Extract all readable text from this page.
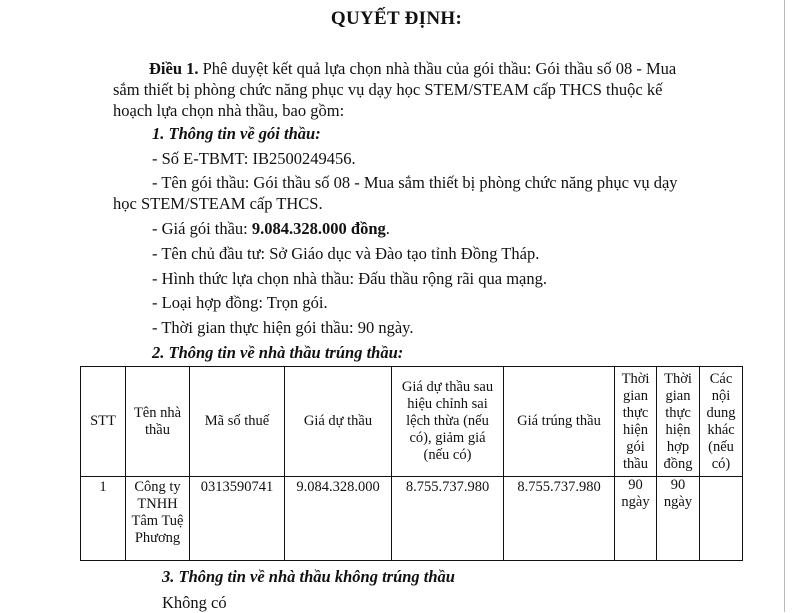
QUYẾT ĐỊNH:
Điều 1. Phê duyệt kết quả lựa chọn nhà thầu của gói thầu: Gói thầu số 08 - Mua
sắm thiết bị phòng chức năng phục vụ dạy học STEM/STEAM cấp THCS thuộc kế
hoạch lựa chọn nhà thầu, bao gồm:
1. Thông tin về gói thầu:
- Số E-TBMT: IB2500249456.
- Tên gói thầu: Gói thầu số 08 - Mua sắm thiết bị phòng chức năng phục vụ dạy
học STEM/STEAM cấp THCS.
- Giá gói thầu: 9.084.328.000 đồng.
- Tên chủ đầu tư: Sở Giáo dục và Đào tạo tỉnh Đồng Tháp.
- Hình thức lựa chọn nhà thầu: Đấu thầu rộng rãi qua mạng.
- Loại hợp đồng: Trọn gói.
- Thời gian thực hiện gói thầu: 90 ngày.
2. Thông tin về nhà thầu trúng thầu:
STT	Tên nhà thầu	Mã số thuế	Giá dự thầu	Giá dự thầu sau hiệu chỉnh sai lệch thừa (nếu có), giảm giá (nếu có)	Giá trúng thầu	Thời gian thực hiện gói thầu	Thời gian thực hiện hợp đồng	Các nội dung khác (nếu có)
1	Công ty TNHH Tâm Tuệ Phương	0313590741	9.084.328.000	8.755.737.980	8.755.737.980	90 ngày	90 ngày	
3. Thông tin về nhà thầu không trúng thầu
Không có
